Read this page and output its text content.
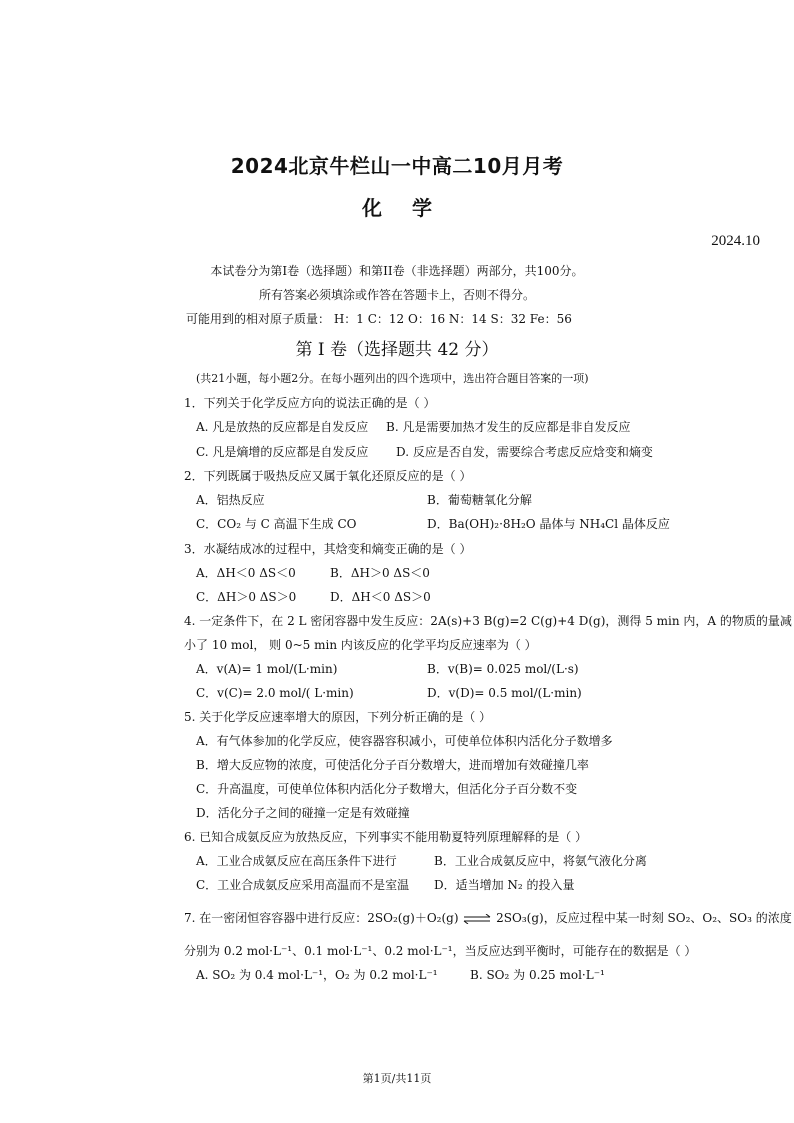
2024北京牛栏山一中高二10月月考
化学
2024.10
本试卷分为第I卷（选择题）和第II卷（非选择题）两部分，共100分。
所有答案必须填涂或作答在答题卡上，否则不得分。
可能用到的相对原子质量： H：1 C：12 O：16 N：14 S：32 Fe：56
第 I 卷（选择题共 42 分）
(共21小题，每小题2分。在每小题列出的四个选项中，选出符合题目答案的一项)
1．下列关于化学反应方向的说法正确的是（ ）
A. 凡是放热的反应都是自发反应 B. 凡是需要加热才发生的反应都是非自发反应
C. 凡是熵增的反应都是自发反应 D. 反应是否自发，需要综合考虑反应焓变和熵变
2．下列既属于吸热反应又属于氧化还原反应的是（ ）
A．铝热反应	B．葡萄糖氧化分解
C．CO₂ 与 C 高温下生成 CO	D．Ba(OH)₂·8H₂O 晶体与 NH₄Cl 晶体反应
3．水凝结成冰的过程中，其焓变和熵变正确的是（ ）
A．ΔH＜0 ΔS＜0	B．ΔH＞0 ΔS＜0
C．ΔH＞0 ΔS＞0	D．ΔH＜0 ΔS＞0
4. 一定条件下，在 2 L 密闭容器中发生反应：2A(s)+3 B(g)=2 C(g)+4 D(g)，测得 5 min 内，A 的物质的量减
小了 10 mol， 则 0~5 min 内该反应的化学平均反应速率为（ ）
A．v(A)= 1 mol/(L·min)	B．v(B)= 0.025 mol/(L·s)
C．v(C)= 2.0 mol/( L·min)	D．v(D)= 0.5 mol/(L·min)
5. 关于化学反应速率增大的原因，下列分析正确的是（ ）
A．有气体参加的化学反应，使容器容积减小，可使单位体积内活化分子数增多
B．增大反应物的浓度，可使活化分子百分数增大，进而增加有效碰撞几率
C．升高温度，可使单位体积内活化分子数增大，但活化分子百分数不变
D．活化分子之间的碰撞一定是有效碰撞
6. 已知合成氨反应为放热反应，下列事实不能用勒夏特列原理解释的是（ ）
A．工业合成氨反应在高压条件下进行	B．工业合成氨反应中，将氨气液化分离
C．工业合成氨反应采用高温而不是室温 D．适当增加 N₂ 的投入量
7. 在一密闭恒容容器中进行反应：2SO₂(g)＋O₂(g) ⇌ 2SO₃(g)，反应过程中某一时刻 SO₂、O₂、SO₃ 的浓度
分别为 0.2 mol·L⁻¹、0.1 mol·L⁻¹、0.2 mol·L⁻¹，当反应达到平衡时，可能存在的数据是（ ）
A. SO₂ 为 0.4 mol·L⁻¹，O₂ 为 0.2 mol·L⁻¹	B. SO₂ 为 0.25 mol·L⁻¹
第1页/共11页
